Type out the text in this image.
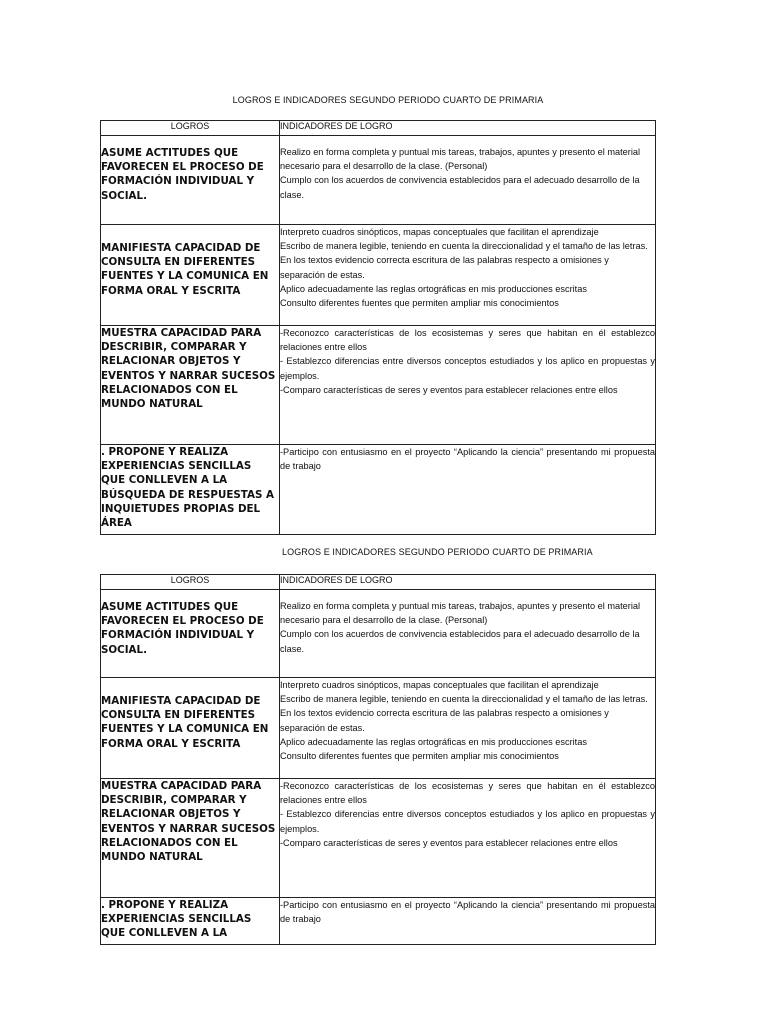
LOGROS E INDICADORES SEGUNDO PERIODO CUARTO DE PRIMARIA
LOGROS	INDICADORES DE LOGRO
ASUME ACTITUDES QUE FAVORECEN EL PROCESO DE FORMACIÓN INDIVIDUAL Y SOCIAL.	Realizo en forma completa y puntual mis tareas, trabajos, apuntes y presento el material necesario para el desarrollo de la clase. (Personal)

Cumplo con los acuerdos de convivencia establecidos para el adecuado desarrollo de la clase.

MANIFIESTA CAPACIDAD DE CONSULTA EN DIFERENTES FUENTES Y LA COMUNICA EN FORMA ORAL Y ESCRITA	Interpreto cuadros sinópticos, mapas conceptuales que facilitan el aprendizaje

Escribo de manera legible, teniendo en cuenta la direccionalidad y el tamaño de las letras.

En los textos evidencio correcta escritura de las palabras respecto a omisiones y separación de estas.

Aplico adecuadamente las reglas ortográficas en mis producciones escritas

Consulto diferentes fuentes que permiten ampliar mis conocimientos

MUESTRA CAPACIDAD PARA DESCRIBIR, COMPARAR Y RELACIONAR OBJETOS Y EVENTOS Y NARRAR SUCESOS RELACIONADOS CON EL MUNDO NATURAL	-Reconozco características de los ecosistemas y seres que habitan en él establezco relaciones entre ellos

- Establezco diferencias entre diversos conceptos estudiados y los aplico en propuestas y ejemplos.

-Comparo características de seres y eventos para establecer relaciones entre ellos

. PROPONE Y REALIZA EXPERIENCIAS SENCILLAS QUE CONLLEVEN A LA BÚSQUEDA DE RESPUESTAS A INQUIETUDES PROPIAS DEL ÁREA	-Participo con entusiasmo en el proyecto “Aplicando la ciencia” presentando mi propuesta de trabajo

LOGROS E INDICADORES SEGUNDO PERIODO CUARTO DE PRIMARIA
LOGROS	INDICADORES DE LOGRO
ASUME ACTITUDES QUE FAVORECEN EL PROCESO DE FORMACIÓN INDIVIDUAL Y SOCIAL.	Realizo en forma completa y puntual mis tareas, trabajos, apuntes y presento el material necesario para el desarrollo de la clase. (Personal)

Cumplo con los acuerdos de convivencia establecidos para el adecuado desarrollo de la clase.

MANIFIESTA CAPACIDAD DE CONSULTA EN DIFERENTES FUENTES Y LA COMUNICA EN FORMA ORAL Y ESCRITA	Interpreto cuadros sinópticos, mapas conceptuales que facilitan el aprendizaje

Escribo de manera legible, teniendo en cuenta la direccionalidad y el tamaño de las letras.

En los textos evidencio correcta escritura de las palabras respecto a omisiones y separación de estas.

Aplico adecuadamente las reglas ortográficas en mis producciones escritas

Consulto diferentes fuentes que permiten ampliar mis conocimientos

MUESTRA CAPACIDAD PARA DESCRIBIR, COMPARAR Y RELACIONAR OBJETOS Y EVENTOS Y NARRAR SUCESOS RELACIONADOS CON EL MUNDO NATURAL	-Reconozco características de los ecosistemas y seres que habitan en él establezco relaciones entre ellos

- Establezco diferencias entre diversos conceptos estudiados y los aplico en propuestas y ejemplos.

-Comparo características de seres y eventos para establecer relaciones entre ellos

. PROPONE Y REALIZA EXPERIENCIAS SENCILLAS QUE CONLLEVEN A LA	-Participo con entusiasmo en el proyecto “Aplicando la ciencia” presentando mi propuesta de trabajo
